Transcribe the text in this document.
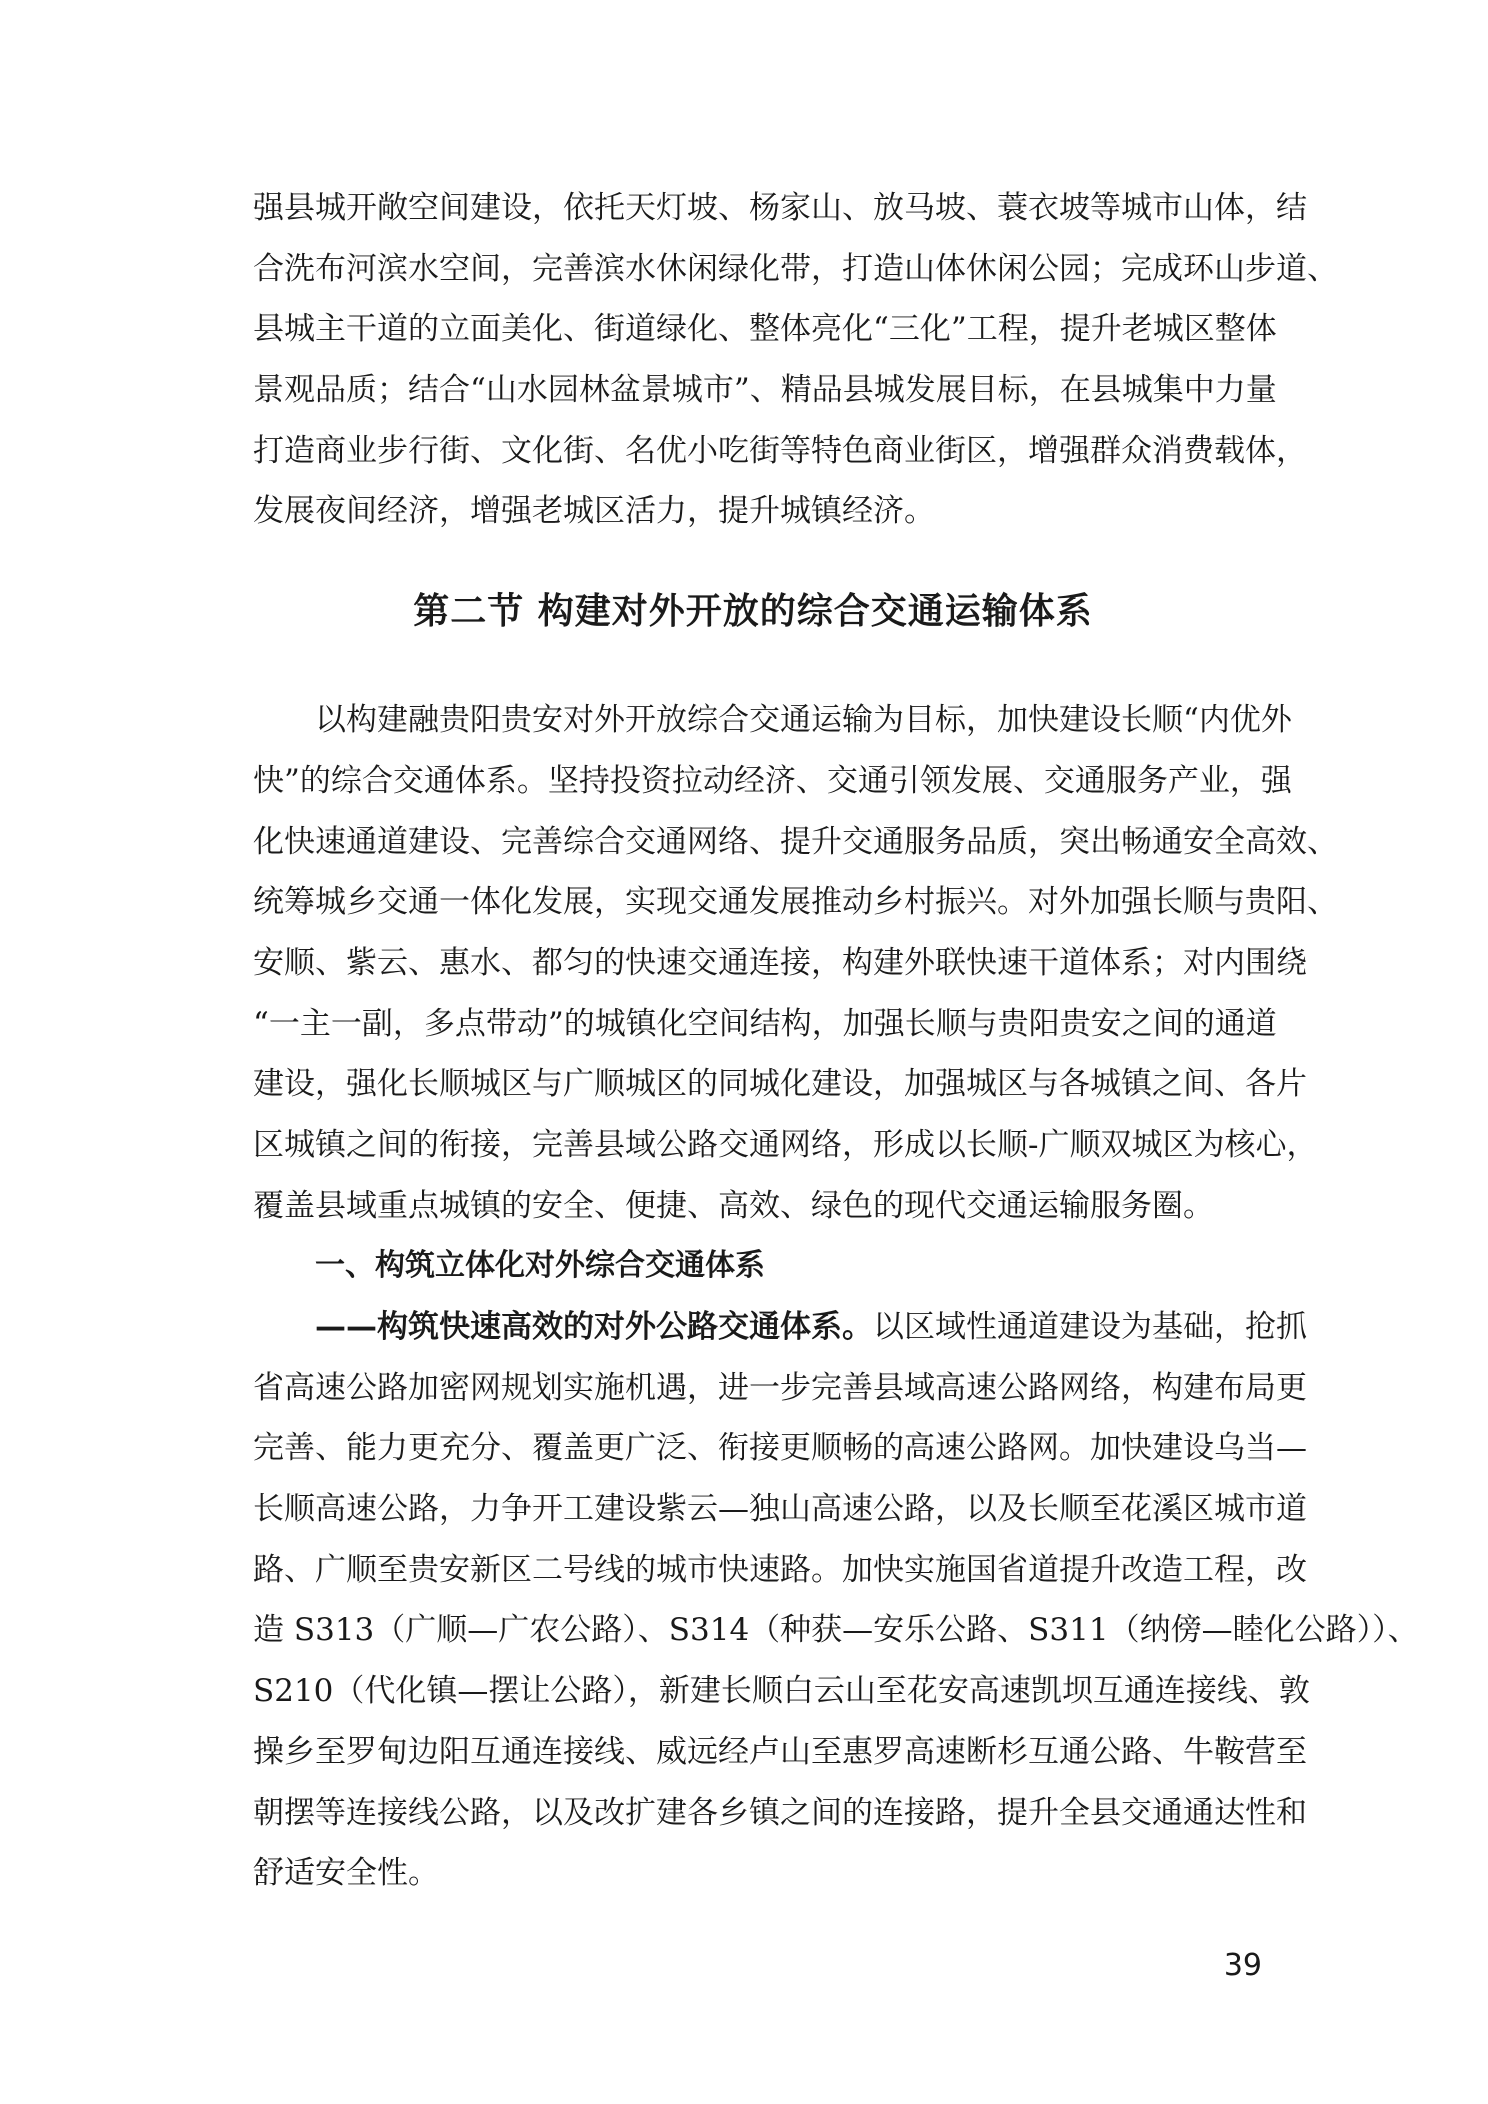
强县城开敞空间建设，依托天灯坡、杨家山、放马坡、蓑衣坡等城市山体，结
合洗布河滨水空间，完善滨水休闲绿化带，打造山体休闲公园；完成环山步道、
县城主干道的立面美化、街道绿化、整体亮化“三化”工程，提升老城区整体
景观品质；结合“山水园林盆景城市”、精品县城发展目标，在县城集中力量
打造商业步行街、文化街、名优小吃街等特色商业街区，增强群众消费载体，
发展夜间经济，增强老城区活力，提升城镇经济。
第二节 构建对外开放的综合交通运输体系
以构建融贵阳贵安对外开放综合交通运输为目标，加快建设长顺“内优外
快”的综合交通体系。坚持投资拉动经济、交通引领发展、交通服务产业，强
化快速通道建设、完善综合交通网络、提升交通服务品质，突出畅通安全高效、
统筹城乡交通一体化发展，实现交通发展推动乡村振兴。对外加强长顺与贵阳、
安顺、紫云、惠水、都匀的快速交通连接，构建外联快速干道体系；对内围绕
“一主一副，多点带动”的城镇化空间结构，加强长顺与贵阳贵安之间的通道
建设，强化长顺城区与广顺城区的同城化建设，加强城区与各城镇之间、各片
区城镇之间的衔接，完善县域公路交通网络，形成以长顺-广顺双城区为核心，
覆盖县域重点城镇的安全、便捷、高效、绿色的现代交通运输服务圈。
一、构筑立体化对外综合交通体系
——构筑快速高效的对外公路交通体系。以区域性通道建设为基础，抢抓
省高速公路加密网规划实施机遇，进一步完善县域高速公路网络，构建布局更
完善、能力更充分、覆盖更广泛、衔接更顺畅的高速公路网。加快建设乌当—
长顺高速公路，力争开工建设紫云—独山高速公路，以及长顺至花溪区城市道
路、广顺至贵安新区二号线的城市快速路。加快实施国省道提升改造工程，改
造 S313（广顺—广农公路）、S314（种获—安乐公路、S311（纳傍—睦化公路））、
S210（代化镇—摆让公路），新建长顺白云山至花安高速凯坝互通连接线、敦
操乡至罗甸边阳互通连接线、威远经卢山至惠罗高速断杉互通公路、牛鞍营至
朝摆等连接线公路，以及改扩建各乡镇之间的连接路，提升全县交通通达性和
舒适安全性。
39
